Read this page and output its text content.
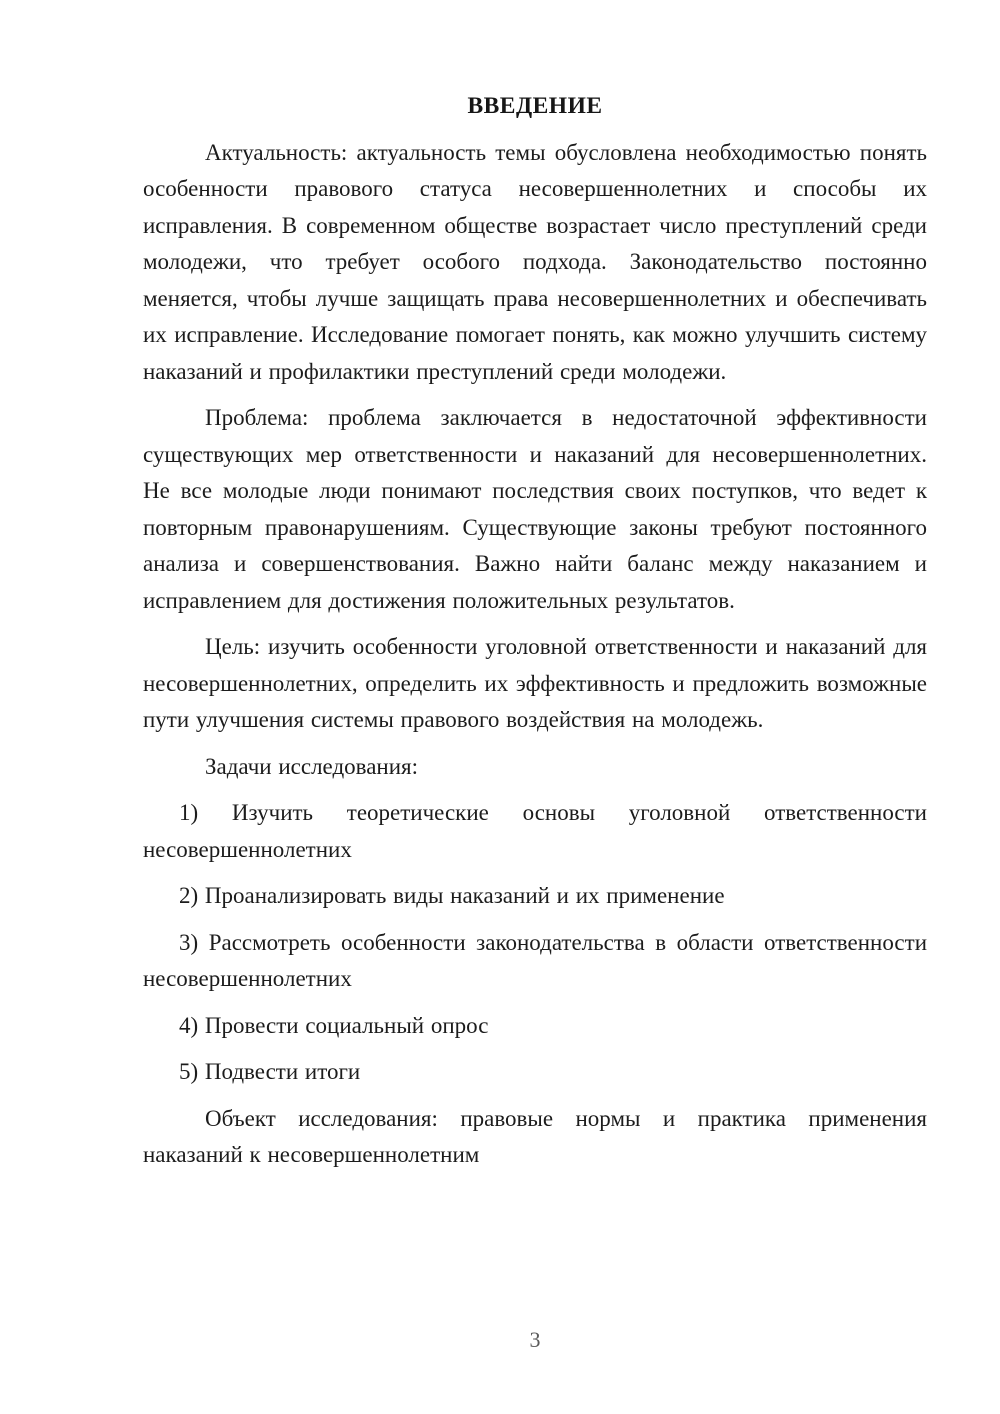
ВВЕДЕНИЕ

Актуальность: актуальность темы обусловлена необходимостью понять особенности правового статуса несовершеннолетних и способы их исправления. В современном обществе возрастает число преступлений среди молодежи, что требует особого подхода. Законодательство постоянно меняется, чтобы лучше защищать права несовершеннолетних и обеспечивать их исправление. Исследование помогает понять, как можно улучшить систему наказаний и профилактики преступлений среди молодежи.

Проблема: проблема заключается в недостаточной эффективности существующих мер ответственности и наказаний для несовершеннолетних. Не все молодые люди понимают последствия своих поступков, что ведет к повторным правонарушениям. Существующие законы требуют постоянного анализа и совершенствования. Важно найти баланс между наказанием и исправлением для достижения положительных результатов.

Цель: изучить особенности уголовной ответственности и наказаний для несовершеннолетних, определить их эффективность и предложить возможные пути улучшения системы правового воздействия на молодежь.

Задачи исследования:

1) Изучить теоретические основы уголовной ответственности несовершеннолетних

2) Проанализировать виды наказаний и их применение

3) Рассмотреть особенности законодательства в области ответственности несовершеннолетних

4) Провести социальный опрос

5) Подвести итоги

Объект исследования: правовые нормы и практика применения наказаний к несовершеннолетним

3
